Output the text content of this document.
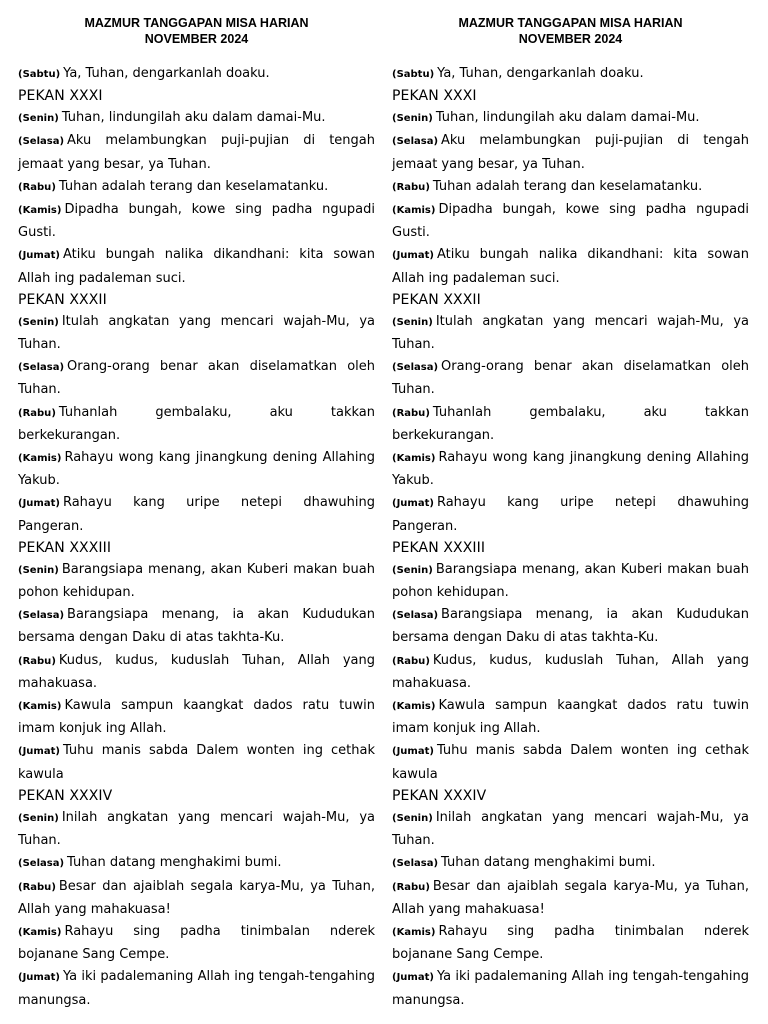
MAZMUR TANGGAPAN MISA HARIAN
NOVEMBER 2024
( Sabtu ) Ya, Tuhan, dengarkanlah doaku.
PEKAN XXXI
( Senin ) Tuhan, lindungilah aku dalam damai-Mu.
( Selasa ) Aku melambungkan puji-pujian di tengah jemaat yang besar, ya Tuhan.
( Rabu ) Tuhan adalah terang dan keselamatanku.
( Kamis ) Dipadha bungah, kowe sing padha ngupadi Gusti.
( Jumat ) Atiku bungah nalika dikandhani: kita sowan Allah ing padaleman suci.
PEKAN XXXII
( Senin ) Itulah angkatan yang mencari wajah-Mu, ya Tuhan.
( Selasa ) Orang-orang benar akan diselamatkan oleh Tuhan.
( Rabu ) Tuhanlah gembalaku, aku takkan berkekurangan.
( Kamis ) Rahayu wong kang jinangkung dening Allahing Yakub.
( Jumat ) Rahayu kang uripe netepi dhawuhing Pangeran.
PEKAN XXXIII
( Senin ) Barangsiapa menang, akan Kuberi makan buah pohon kehidupan.
( Selasa ) Barangsiapa menang, ia akan Kududukan bersama dengan Daku di atas takhta-Ku.
( Rabu ) Kudus, kudus, kuduslah Tuhan, Allah yang mahakuasa.
( Kamis ) Kawula sampun kaangkat dados ratu tuwin imam konjuk ing Allah.
( Jumat ) Tuhu manis sabda Dalem wonten ing cethak kawula
PEKAN XXXIV
( Senin ) Inilah angkatan yang mencari wajah-Mu, ya Tuhan.
( Selasa ) Tuhan datang menghakimi bumi.
( Rabu ) Besar dan ajaiblah segala karya-Mu, ya Tuhan, Allah yang mahakuasa!
( Kamis ) Rahayu sing padha tinimbalan nderek bojanane Sang Cempe.
( Jumat ) Ya iki padalemaning Allah ing tengah-tengahing manungsa.
MAZMUR TANGGAPAN MISA HARIAN
NOVEMBER 2024
( Sabtu ) Ya, Tuhan, dengarkanlah doaku.
PEKAN XXXI
( Senin ) Tuhan, lindungilah aku dalam damai-Mu.
( Selasa ) Aku melambungkan puji-pujian di tengah jemaat yang besar, ya Tuhan.
( Rabu ) Tuhan adalah terang dan keselamatanku.
( Kamis ) Dipadha bungah, kowe sing padha ngupadi Gusti.
( Jumat ) Atiku bungah nalika dikandhani: kita sowan Allah ing padaleman suci.
PEKAN XXXII
( Senin ) Itulah angkatan yang mencari wajah-Mu, ya Tuhan.
( Selasa ) Orang-orang benar akan diselamatkan oleh Tuhan.
( Rabu ) Tuhanlah gembalaku, aku takkan berkekurangan.
( Kamis ) Rahayu wong kang jinangkung dening Allahing Yakub.
( Jumat ) Rahayu kang uripe netepi dhawuhing Pangeran.
PEKAN XXXIII
( Senin ) Barangsiapa menang, akan Kuberi makan buah pohon kehidupan.
( Selasa ) Barangsiapa menang, ia akan Kududukan bersama dengan Daku di atas takhta-Ku.
( Rabu ) Kudus, kudus, kuduslah Tuhan, Allah yang mahakuasa.
( Kamis ) Kawula sampun kaangkat dados ratu tuwin imam konjuk ing Allah.
( Jumat ) Tuhu manis sabda Dalem wonten ing cethak kawula
PEKAN XXXIV
( Senin ) Inilah angkatan yang mencari wajah-Mu, ya Tuhan.
( Selasa ) Tuhan datang menghakimi bumi.
( Rabu ) Besar dan ajaiblah segala karya-Mu, ya Tuhan, Allah yang mahakuasa!
( Kamis ) Rahayu sing padha tinimbalan nderek bojanane Sang Cempe.
( Jumat ) Ya iki padalemaning Allah ing tengah-tengahing manungsa.
